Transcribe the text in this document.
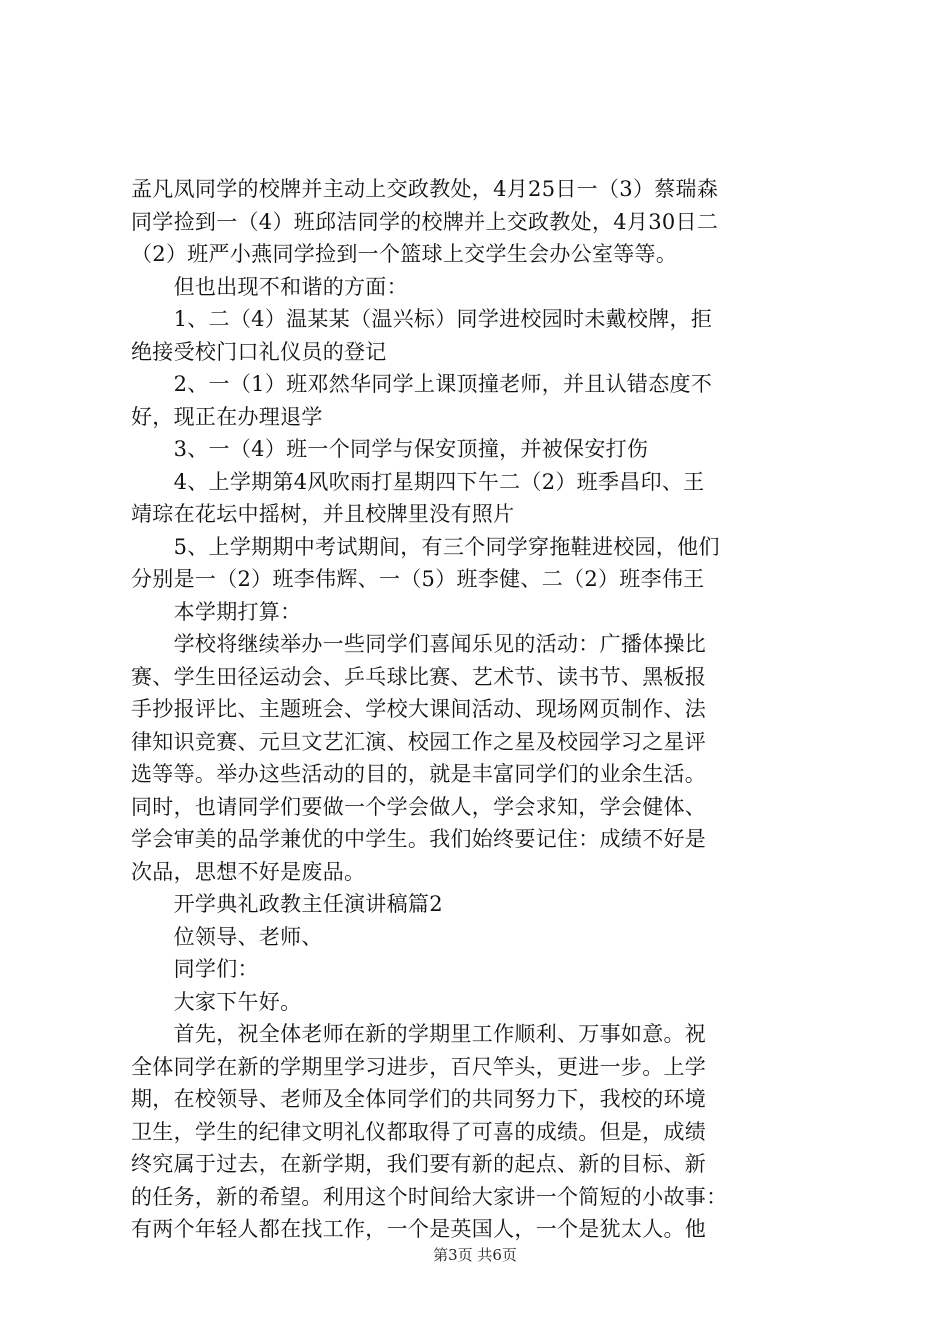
孟凡凤同学的校牌并主动上交政教处，4月25日一（3）蔡瑞森
同学捡到一（4）班邱洁同学的校牌并上交政教处，4月30日二
（2）班严小燕同学捡到一个篮球上交学生会办公室等等。
　　但也出现不和谐的方面：
　　1、二（4）温某某（温兴标）同学进校园时未戴校牌，拒
绝接受校门口礼仪员的登记
　　2、一（1）班邓然华同学上课顶撞老师，并且认错态度不
好，现正在办理退学
　　3、一（4）班一个同学与保安顶撞，并被保安打伤
　　4、上学期第4风吹雨打星期四下午二（2）班季昌印、王
靖琮在花坛中摇树，并且校牌里没有照片
　　5、上学期期中考试期间，有三个同学穿拖鞋进校园，他们
分别是一（2）班李伟辉、一（5）班李健、二（2）班李伟王
　　本学期打算：
　　学校将继续举办一些同学们喜闻乐见的活动：广播体操比
赛、学生田径运动会、乒乓球比赛、艺术节、读书节、黑板报
手抄报评比、主题班会、学校大课间活动、现场网页制作、法
律知识竞赛、元旦文艺汇演、校园工作之星及校园学习之星评
选等等。举办这些活动的目的，就是丰富同学们的业余生活。
同时，也请同学们要做一个学会做人，学会求知，学会健体、
学会审美的品学兼优的中学生。我们始终要记住：成绩不好是
次品，思想不好是废品。
　　开学典礼政教主任演讲稿篇2
　　位领导、老师、
　　同学们：
　　大家下午好。
　　首先，祝全体老师在新的学期里工作顺利、万事如意。祝
全体同学在新的学期里学习进步，百尺竿头，更进一步。上学
期，在校领导、老师及全体同学们的共同努力下，我校的环境
卫生，学生的纪律文明礼仪都取得了可喜的成绩。但是，成绩
终究属于过去，在新学期，我们要有新的起点、新的目标、新
的任务，新的希望。利用这个时间给大家讲一个简短的小故事：
有两个年轻人都在找工作，一个是英国人，一个是犹太人。他
第3页 共6页
